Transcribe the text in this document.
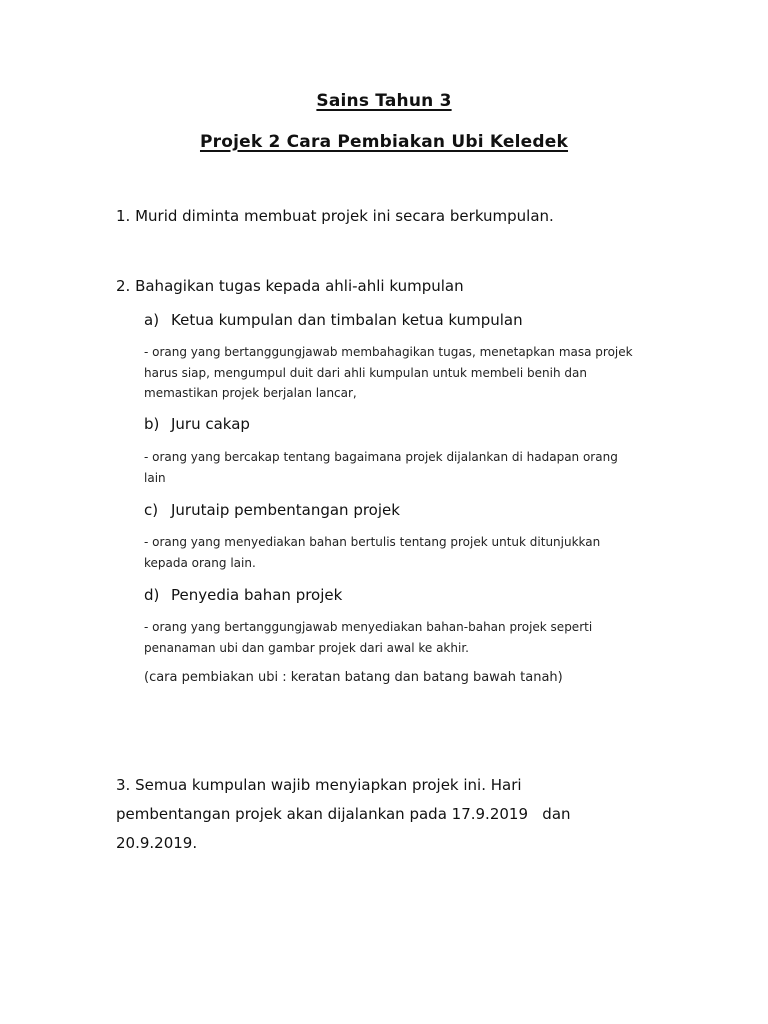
Sains Tahun 3
Projek 2 Cara Pembiakan Ubi Keledek
1. Murid diminta membuat projek ini secara berkumpulan.
2. Bahagikan tugas kepada ahli-ahli kumpulan
a) Ketua kumpulan dan timbalan ketua kumpulan
- orang yang bertanggungjawab membahagikan tugas, menetapkan masa projek
harus siap, mengumpul duit dari ahli kumpulan untuk membeli benih dan
memastikan projek berjalan lancar,
b) Juru cakap
- orang yang bercakap tentang bagaimana projek dijalankan di hadapan orang
lain
c) Jurutaip pembentangan projek
- orang yang menyediakan bahan bertulis tentang projek untuk ditunjukkan
kepada orang lain.
d) Penyedia bahan projek
- orang yang bertanggungjawab menyediakan bahan-bahan projek seperti
penanaman ubi dan gambar projek dari awal ke akhir.
(cara pembiakan ubi : keratan batang dan batang bawah tanah)
3. Semua kumpulan wajib menyiapkan projek ini. Hari
pembentangan projek akan dijalankan pada 17.9.2019   dan
20.9.2019.
